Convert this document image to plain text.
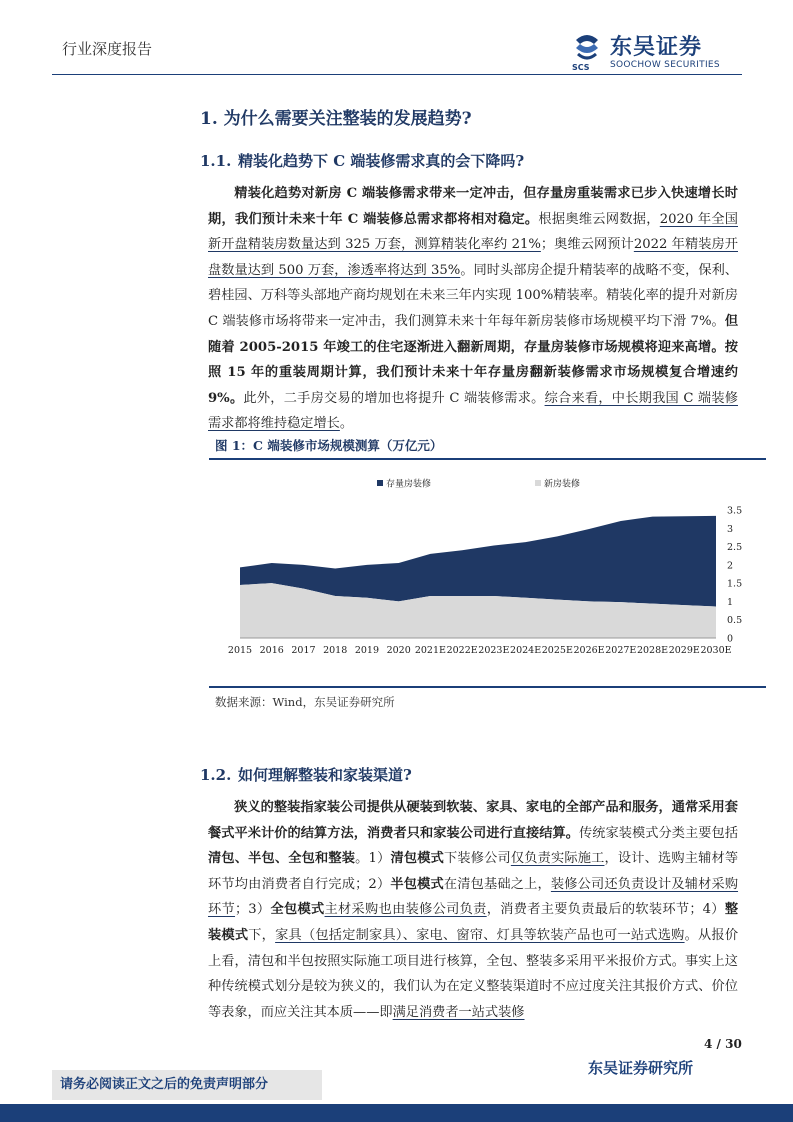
行业深度报告	东吴证券
SCS SOOCHOW SECURITIES
1. 为什么需要关注整装的发展趋势?
1.1. 精装化趋势下 C 端装修需求真的会下降吗?
精装化趋势对新房 C 端装修需求带来一定冲击，但存量房重装需求已步入快速增长时期，我们预计未来十年 C 端装修总需求都将相对稳定。根据奥维云网数据，2020 年全国新开盘精装房数量达到 325 万套，测算精装化率约 21%；奥维云网预计2022 年精装房开盘数量达到 500 万套，渗透率将达到 35%。同时头部房企提升精装率的战略不变，保利、碧桂园、万科等头部地产商均规划在未来三年内实现 100%精装率。精装化率的提升对新房 C 端装修市场将带来一定冲击，我们测算未来十年每年新房装修市场规模平均下滑 7%。但随着 2005-2015 年竣工的住宅逐渐进入翻新周期，存量房装修市场规模将迎来高增。按照 15 年的重装周期计算，我们预计未来十年存量房翻新装修需求市场规模复合增速约 9%。此外，二手房交易的增加也将提升 C 端装修需求。综合来看，中长期我国 C 端装修需求都将维持稳定增长。
图 1：C 端装修市场规模测算（万亿元）
2015 2016 2017 2018 2019 2020 2021E 2022E 2023E 2024E 2025E 2026E 2027E 2028E 2029E 2030E
0
0.5
1
1.5
2
2.5
3
3.5
存量房装修	新房装修
数据来源：Wind，东吴证券研究所
1.2. 如何理解整装和家装渠道?
狭义的整装指家装公司提供从硬装到软装、家具、家电的全部产品和服务，通常采用套餐式平米计价的结算方法，消费者只和家装公司进行直接结算。传统家装模式分类主要包括清包、半包、全包和整装。1）清包模式下装修公司仅负责实际施工，设计、选购主辅材等环节均由消费者自行完成；2）半包模式在清包基础之上，装修公司还负责设计及辅材采购环节；3）全包模式主材采购也由装修公司负责，消费者主要负责最后的软装环节；4）整装模式下，家具（包括定制家具）、家电、窗帘、灯具等软装产品也可一站式选购。从报价上看，清包和半包按照实际施工项目进行核算，全包、整装多采用平米报价方式。事实上这种传统模式划分是较为狭义的，我们认为在定义整装渠道时不应过度关注其报价方式、价位等表象，而应关注其本质——即满足消费者一站式装修
4 / 30
东吴证券研究所
请务必阅读正文之后的免责声明部分
